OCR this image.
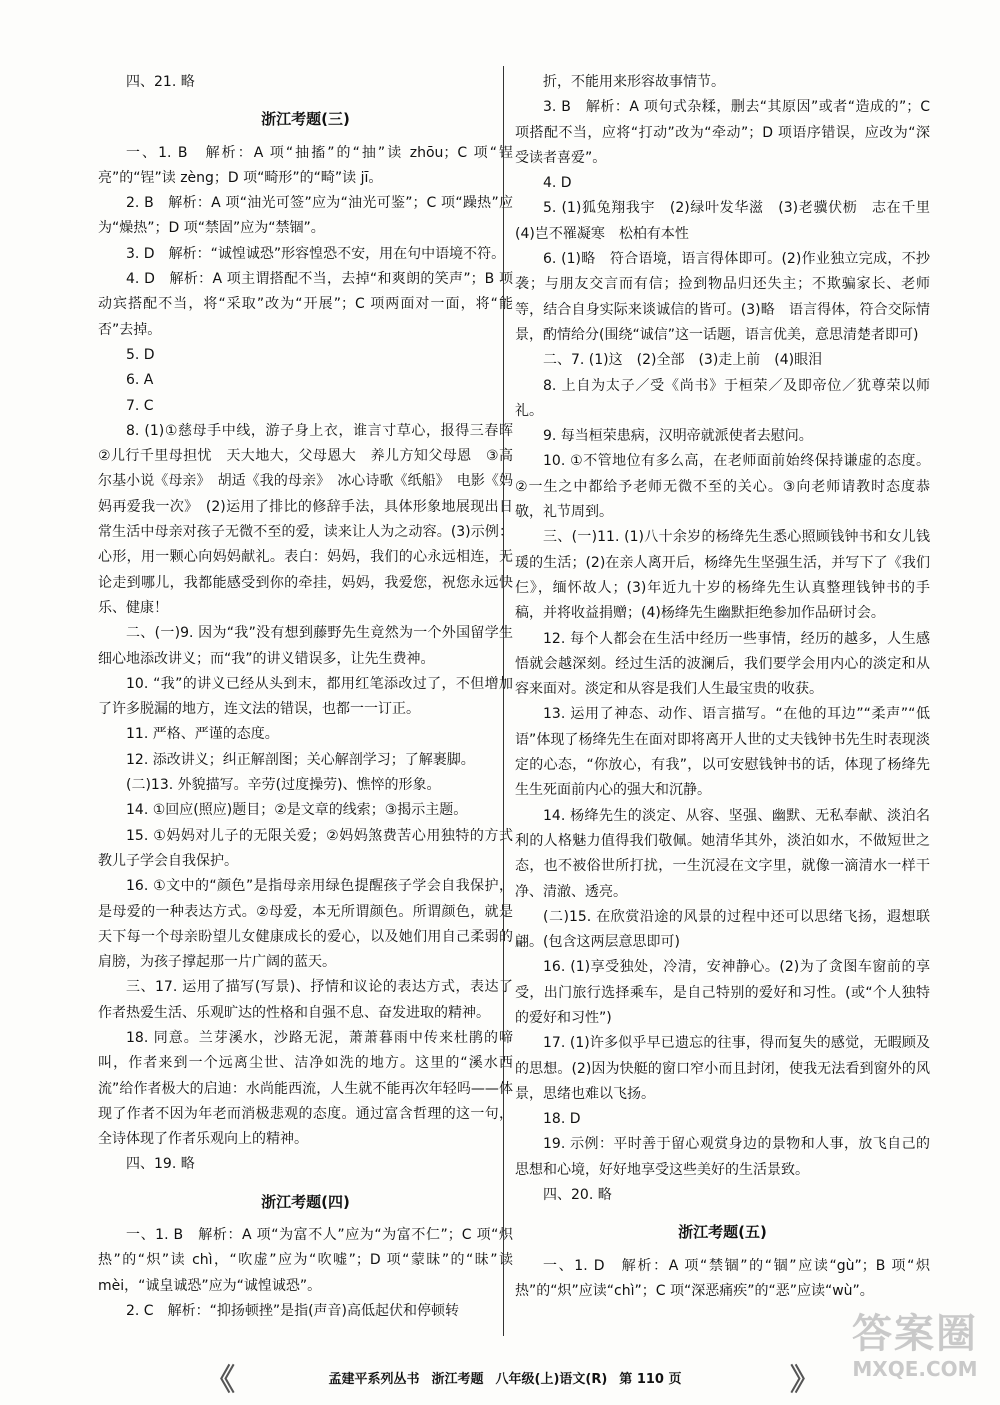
四、21. 略

浙江考题(三)

一、1. B　解析：A 项“抽搐”的“抽”读 zhōu；C 项“锃亮”的“锃”读 zèng；D 项“畸形”的“畸”读 jī。

2. B　解析：A 项“油光可签”应为“油光可鉴”；C 项“躁热”应为“燥热”；D 项“禁固”应为“禁锢”。

3. D　解析：“诚惶诚恐”形容惶恐不安，用在句中语境不符。

4. D　解析：A 项主谓搭配不当，去掉“和爽朗的笑声”；B 项动宾搭配不当，将“采取”改为“开展”；C 项两面对一面，将“能否”去掉。

5. D

6. A

7. C

8. (1)①慈母手中线，游子身上衣，谁言寸草心，报得三春晖　②儿行千里母担忧　天大地大，父母恩大　养儿方知父母恩　③高尔基小说《母亲》　胡适《我的母亲》　冰心诗歌《纸船》　电影《妈妈再爱我一次》　(2)运用了排比的修辞手法，具体形象地展现出日常生活中母亲对孩子无微不至的爱，读来让人为之动容。(3)示例：心形，用一颗心向妈妈献礼。表白：妈妈，我们的心永远相连，无论走到哪儿，我都能感受到你的牵挂，妈妈，我爱您，祝您永远快乐、健康！

二、(一)9. 因为“我”没有想到藤野先生竟然为一个外国留学生细心地添改讲义；而“我”的讲义错误多，让先生费神。

10. “我”的讲义已经从头到末，都用红笔添改过了，不但增加了许多脱漏的地方，连文法的错误，也都一一订正。

11. 严格、严谨的态度。

12. 添改讲义；纠正解剖图；关心解剖学习；了解裹脚。

(二)13. 外貌描写。辛劳(过度操劳)、憔悴的形象。

14. ①回应(照应)题目；②是文章的线索；③揭示主题。

15. ①妈妈对儿子的无限关爱；②妈妈煞费苦心用独特的方式教儿子学会自我保护。

16. ①文中的“颜色”是指母亲用绿色提醒孩子学会自我保护，是母爱的一种表达方式。②母爱，本无所谓颜色。所谓颜色，就是天下每一个母亲盼望儿女健康成长的爱心，以及她们用自己柔弱的肩膀，为孩子撑起那一片广阔的蓝天。

三、17. 运用了描写(写景)、抒情和议论的表达方式，表达了作者热爱生活、乐观旷达的性格和自强不息、奋发进取的精神。

18. 同意。兰芽溪水，沙路无泥，萧萧暮雨中传来杜鹃的啼叫，作者来到一个远离尘世、洁净如洗的地方。这里的“溪水西流”给作者极大的启迪：水尚能西流，人生就不能再次年轻吗——体现了作者不因为年老而消极悲观的态度。通过富含哲理的这一句，全诗体现了作者乐观向上的精神。

四、19. 略

浙江考题(四)

一、1. B　解析：A 项“为富不人”应为“为富不仁”；C 项“炽热”的“炽”读 chì，“吹虚”应为“吹嘘”；D 项“蒙昧”的“昧”读 mèi，“诚皇诚恐”应为“诚惶诚恐”。

2. C　解析：“抑扬顿挫”是指(声音)高低起伏和停顿转

折，不能用来形容故事情节。

3. B　解析：A 项句式杂糅，删去“其原因”或者“造成的”；C 项搭配不当，应将“打动”改为“牵动”；D 项语序错误，应改为“深受读者喜爱”。

4. D

5. (1)狐兔翔我宇　(2)绿叶发华滋　(3)老骥伏枥　志在千里　(4)岂不罹凝寒　松柏有本性

6. (1)略　符合语境，语言得体即可。(2)作业独立完成，不抄袭；与朋友交言而有信；捡到物品归还失主；不欺骗家长、老师等，结合自身实际来谈诚信的皆可。(3)略　语言得体，符合交际情景，酌情给分(围绕“诚信”这一话题，语言优美，意思清楚者即可)

二、7. (1)这　(2)全部　(3)走上前　(4)眼泪

8. 上自为太子／受《尚书》于桓荣／及即帝位／犹尊荣以师礼。

9. 每当桓荣患病，汉明帝就派使者去慰问。

10. ①不管地位有多么高，在老师面前始终保持谦虚的态度。②一生之中都给予老师无微不至的关心。③向老师请教时态度恭敬，礼节周到。

三、(一)11. (1)八十余岁的杨绛先生悉心照顾钱钟书和女儿钱瑗的生活；(2)在亲人离开后，杨绛先生坚强生活，并写下了《我们仨》，缅怀故人；(3)年近九十岁的杨绛先生认真整理钱钟书的手稿，并将收益捐赠；(4)杨绛先生幽默拒绝参加作品研讨会。

12. 每个人都会在生活中经历一些事情，经历的越多，人生感悟就会越深刻。经过生活的波澜后，我们要学会用内心的淡定和从容来面对。淡定和从容是我们人生最宝贵的收获。

13. 运用了神态、动作、语言描写。“在他的耳边”“柔声”“低语”体现了杨绛先生在面对即将离开人世的丈夫钱钟书先生时表现淡定的心态，“你放心，有我”，以可安慰钱钟书的话，体现了杨绛先生生死面前内心的强大和沉静。

14. 杨绛先生的淡定、从容、坚强、幽默、无私奉献、淡泊名利的人格魅力值得我们敬佩。她清华其外，淡泊如水，不做短世之态，也不被俗世所打扰，一生沉浸在文字里，就像一滴清水一样干净、清澈、透亮。

(二)15. 在欣赏沿途的风景的过程中还可以思绪飞扬，遐想联翩。(包含这两层意思即可)

16. (1)享受独处，冷清，安神静心。(2)为了贪图车窗前的享受，出门旅行选择乘车，是自己特别的爱好和习性。(或“个人独特的爱好和习性”)

17. (1)许多似乎早已遗忘的往事，得而复失的感觉，无暇顾及的思想。(2)因为快艇的窗口窄小而且封闭，使我无法看到窗外的风景，思绪也难以飞扬。

18. D

19. 示例：平时善于留心观赏身边的景物和人事，放飞自己的思想和心境，好好地享受这些美好的生活景致。

四、20. 略

浙江考题(五)

一、1. D　解析：A 项“禁锢”的“锢”应读“gù”；B 项“炽热”的“炽”应读“chì”；C 项“深恶痛疾”的“恶”应读“wù”。

《	孟建平系列丛书 浙江考题 八年级(上)语文(R) 第 110 页	》
答案圈
MXQE.COM
